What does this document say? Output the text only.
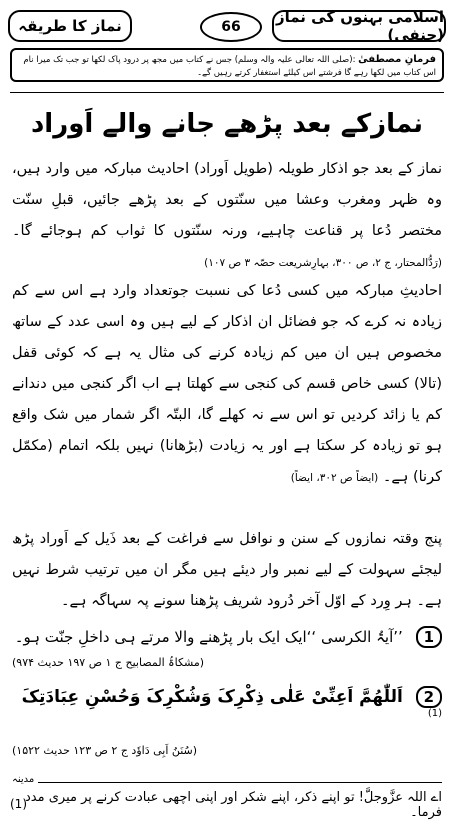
اسلامی بہنوں کی نماز (حنفی)
66
نماز کا طریقہ
فرمانِ مصطفیٰ :(صلی اللہ تعالی علیہ والہ وسلم) جس نے کتاب میں مجھ پر درود پاک لکھا تو جب تک میرا نام اس کتاب میں لکھا رہے گا فرشتے اس کیلئے استغفار کرتے رہیں گے۔
نمازکے بعد پڑھے جانے والے اَوراد
نماز کے بعد جو اذکار طویلہ (طویل اَوراد) احادیث مبارکہ میں وارد ہیں، وہ ظہر ومغرب وعشا میں سنّتوں کے بعد پڑھے جائیں، قبلِ سنّت مختصر دُعا پر قناعت چاہیے، ورنہ سنّتوں کا ثواب کم ہوجائے گا۔ (رَدُّالمحتار، ج ۲، ص ۳۰۰، بہارِشریعت حصّہ ۳ ص ۱۰۷)
احادیثِ مبارکہ میں کسی دُعا کی نسبت جوتعداد وارد ہے اس سے کم زیادہ نہ کرے کہ جو فضائل ان اذکار کے لیے ہیں وہ اسی عدد کے ساتھ مخصوص ہیں ان میں کم زیادہ کرنے کی مثال یہ ہے کہ کوئی قفل (تالا) کسی خاص قسم کی کنجی سے کھلتا ہے اب اگر کنجی میں دندانے کم یا زائد کردیں تو اس سے نہ کھلے گا، البتّہ اگر شمار میں شک واقع ہو تو زیادہ کر سکتا ہے اور یہ زیادت (بڑھانا) نہیں بلکہ اتمام (مکمّل کرنا) ہے۔ (ایضاً ص ۳۰۲، ایضاً)
پنج وقتہ نمازوں کے سنن و نوافل سے فراغت کے بعد ذَیل کے اَوراد پڑھ لیجئے سہولت کے لیے نمبر وار دیئے ہیں مگر ان میں ترتیب شرط نہیں ہے۔ ہر وِرد کے اوّل آخر دُرود شریف پڑھنا سونے پہ سہاگہ ہے۔
1 ’’آیۃُ الکرسی ‘‘ایک ایک بار پڑھنے والا مرتے ہی داخلِ جنّت ہو۔
(مشکاۃُ المصابیح ج ۱ ص ۱۹۷ حدیث ۹۷۴)
2 اَللّٰھُمَّ اَعِنِّیْ عَلٰی ذِکْرِکَ وَشُکْرِکَ وَحُسْنِ عِبَادَتِکَ $^{(1)}$
(سُنَنُ اَبِی دَاوٗد ج ۲ ص ۱۲۳ حدیث ۱۵۲۲)
مدینہ
اے اللہ عزَّوجلَّ! تو اپنے ذکر، اپنے شکر اور اپنی اچھی عبادت کرنے پر میری مدد فرما۔
(1)
